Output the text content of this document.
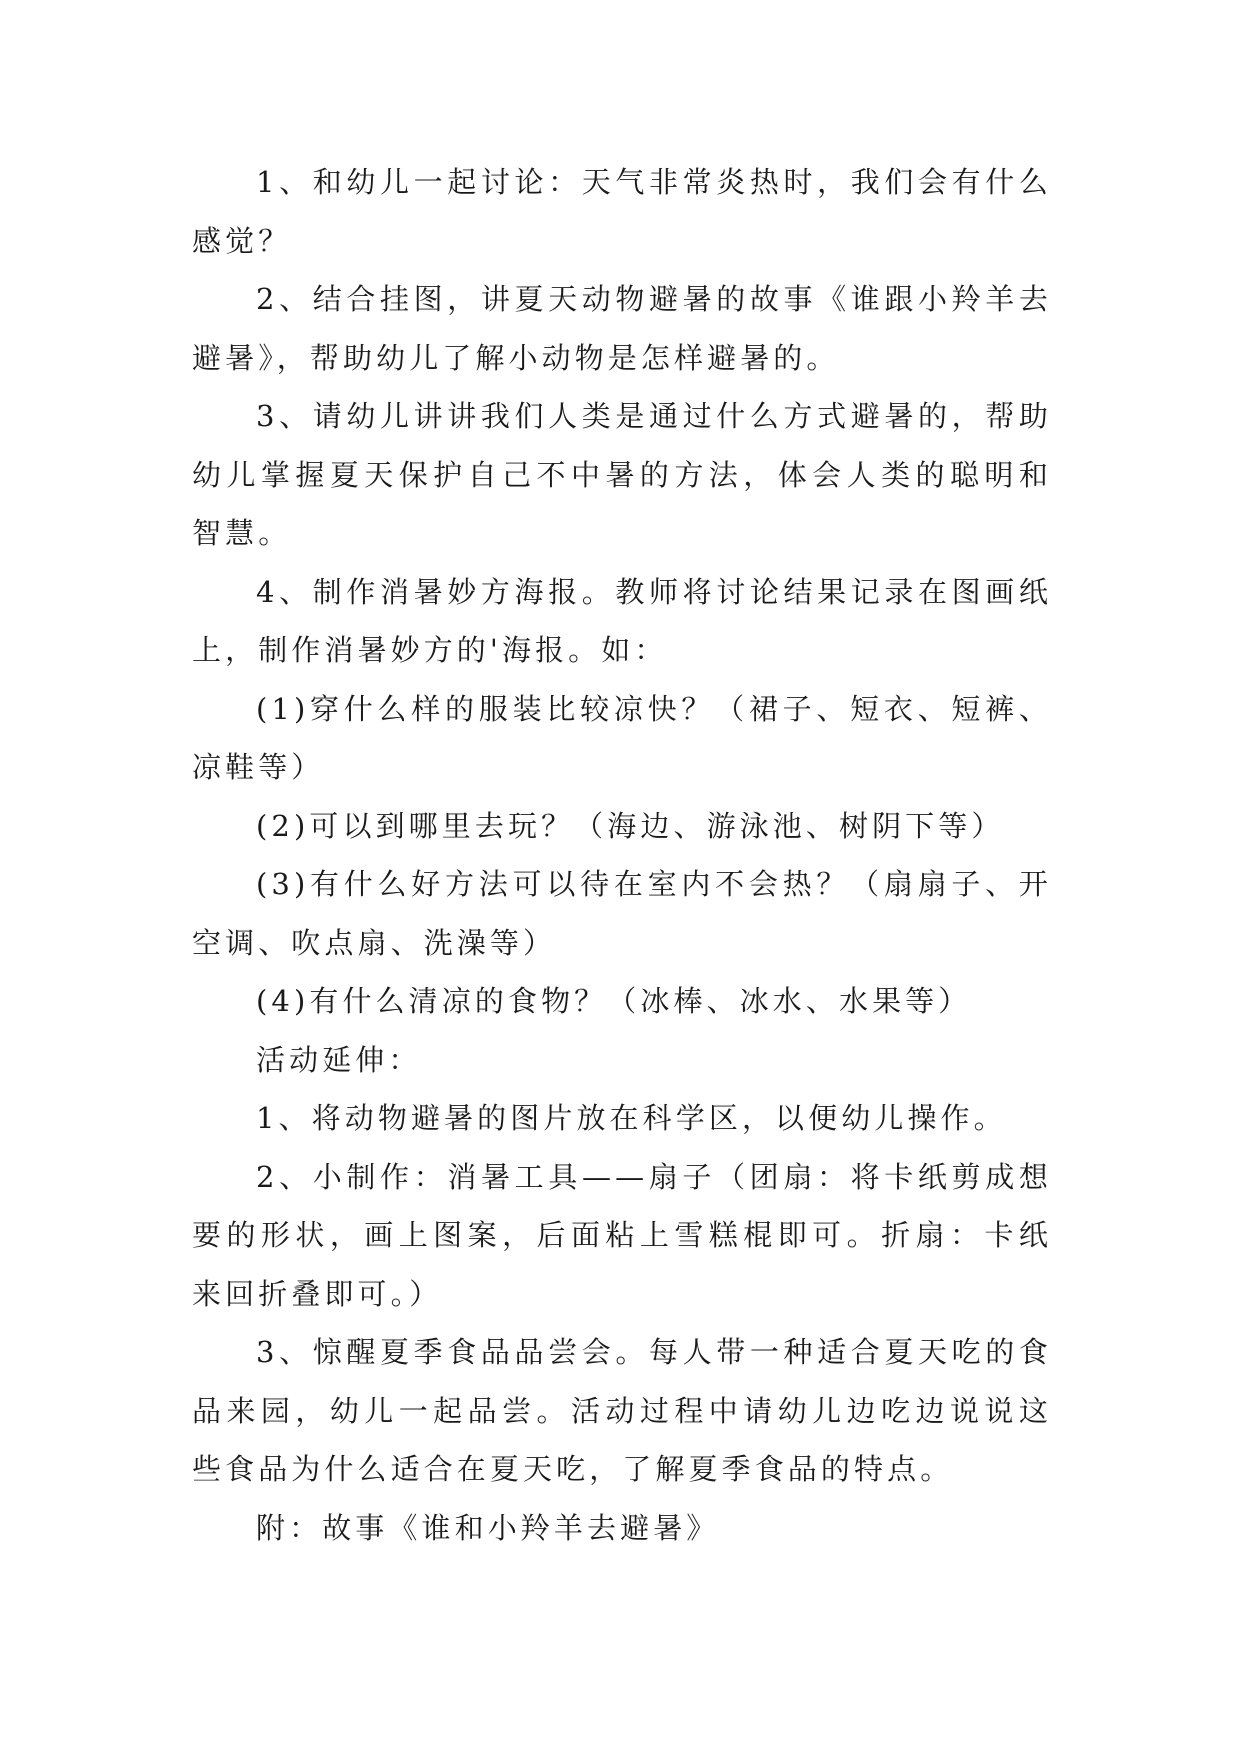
1、和幼儿一起讨论：天气非常炎热时，我们会有什么感觉？

2、结合挂图，讲夏天动物避暑的故事《谁跟小羚羊去避暑》，帮助幼儿了解小动物是怎样避暑的。

3、请幼儿讲讲我们人类是通过什么方式避暑的，帮助幼儿掌握夏天保护自己不中暑的方法，体会人类的聪明和智慧。

4、制作消暑妙方海报。教师将讨论结果记录在图画纸上，制作消暑妙方的'海报。如：

(1)穿什么样的服装比较凉快？（裙子、短衣、短裤、凉鞋等）

(2)可以到哪里去玩？（海边、游泳池、树阴下等）

(3)有什么好方法可以待在室内不会热？（扇扇子、开空调、吹点扇、洗澡等）

(4)有什么清凉的食物？（冰棒、冰水、水果等）

活动延伸：

1、将动物避暑的图片放在科学区，以便幼儿操作。

2、小制作：消暑工具——扇子（团扇：将卡纸剪成想要的形状，画上图案，后面粘上雪糕棍即可。折扇：卡纸来回折叠即可。）

3、惊醒夏季食品品尝会。每人带一种适合夏天吃的食品来园，幼儿一起品尝。活动过程中请幼儿边吃边说说这些食品为什么适合在夏天吃，了解夏季食品的特点。

附：故事《谁和小羚羊去避暑》
